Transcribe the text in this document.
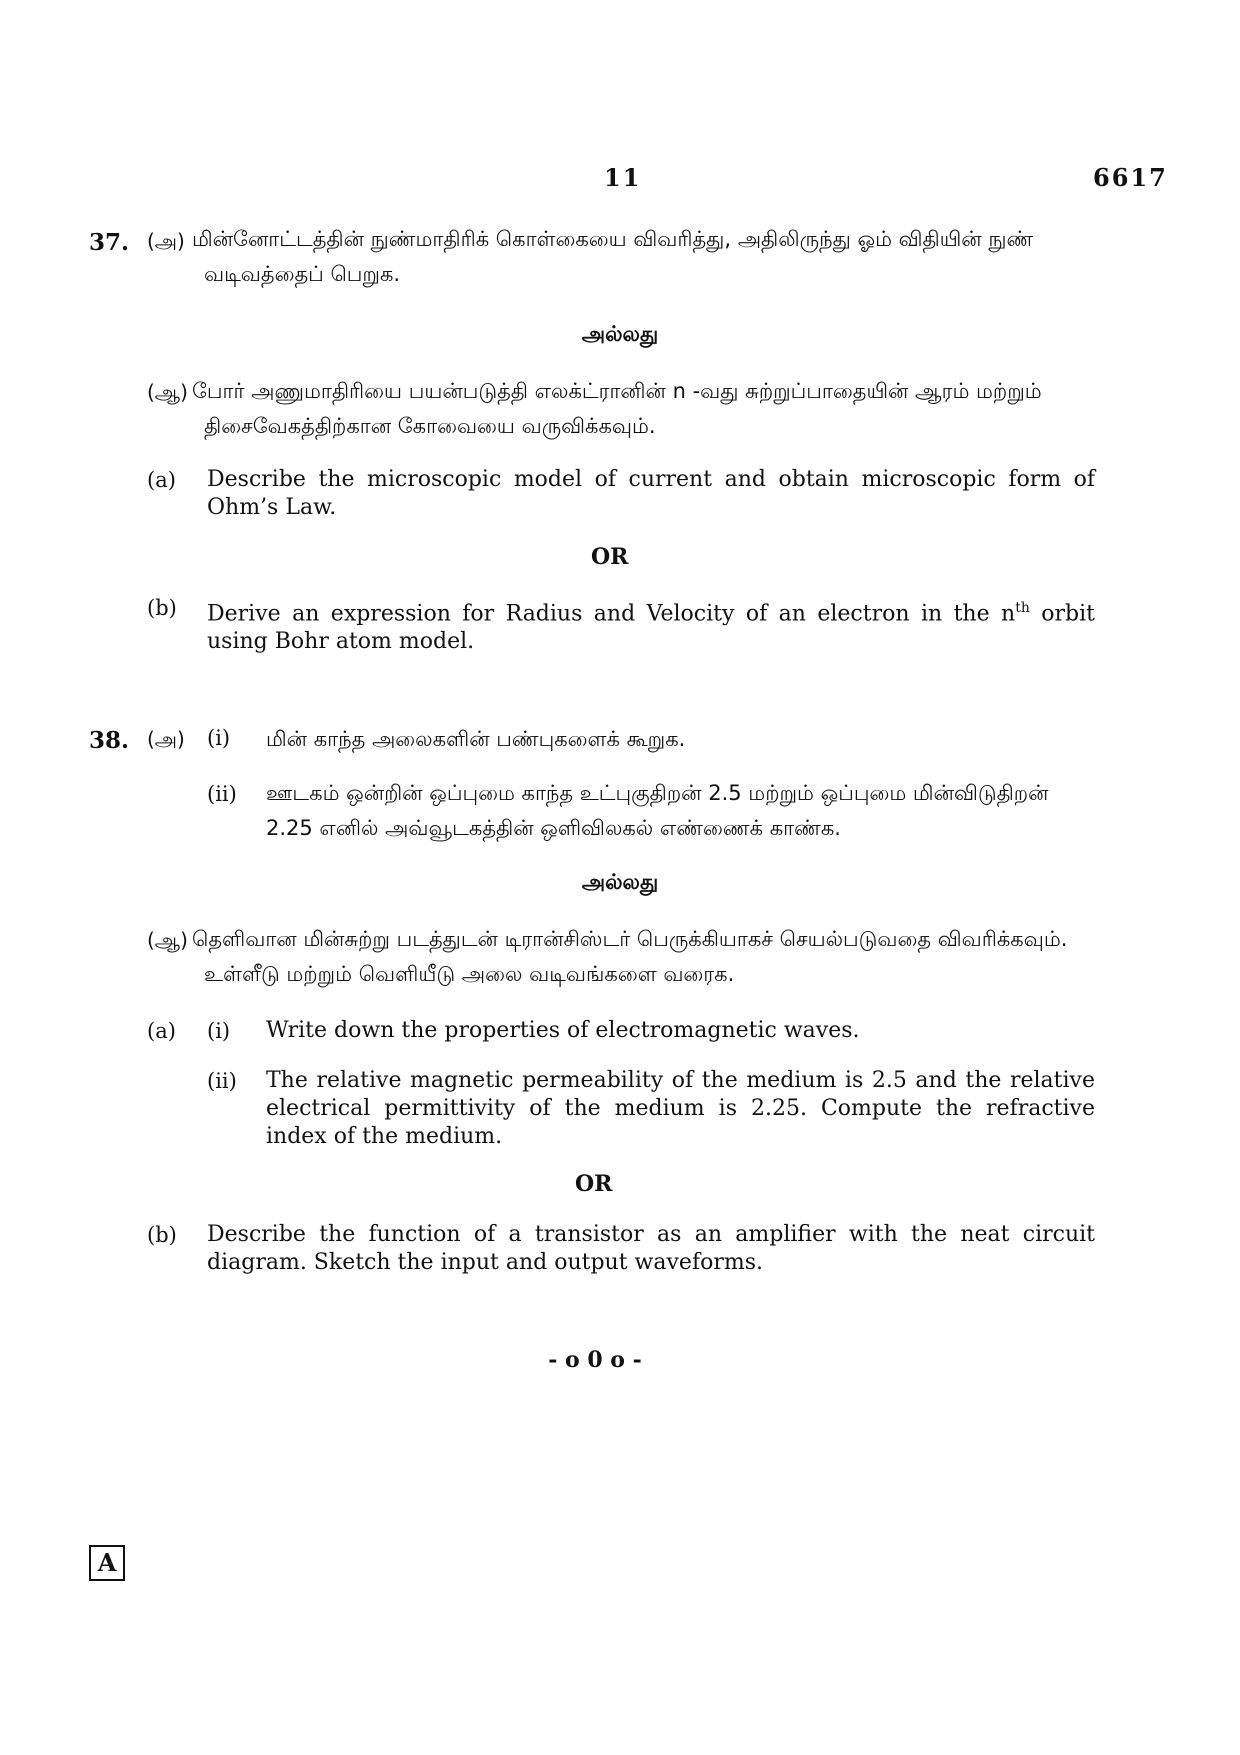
11	6617
37. (அ) மின்னோட்டத்தின் நுண்மாதிரிக் கொள்கையை விவரித்து, அதிலிருந்து ஓம் விதியின் நுண் வடிவத்தைப் பெறுக.
அல்லது
(ஆ) போர் அணுமாதிரியை பயன்படுத்தி எலக்ட்ரானின் n -வது சுற்றுப்பாதையின் ஆரம் மற்றும் திசைவேகத்திற்கான கோவையை வருவிக்கவும்.
(a) Describe the microscopic model of current and obtain microscopic form of Ohm’s Law.
OR
(b) Derive an expression for Radius and Velocity of an electron in the $n^{th}$ orbit using Bohr atom model.
38. (அ) (i) மின் காந்த அலைகளின் பண்புகளைக் கூறுக.
(ii) ஊடகம் ஒன்றின் ஒப்புமை காந்த உட்புகுதிறன் 2.5 மற்றும் ஒப்புமை மின்விடுதிறன் 2.25 எனில் அவ்வூடகத்தின் ஒளிவிலகல் எண்ணைக் காண்க.
அல்லது
(ஆ) தெளிவான மின்சுற்று படத்துடன் டிரான்சிஸ்டர் பெருக்கியாகச் செயல்படுவதை விவரிக்கவும். உள்ளீடு மற்றும் வெளியீடு அலை வடிவங்களை வரைக.
(a) (i) Write down the properties of electromagnetic waves.
(ii) The relative magnetic permeability of the medium is 2.5 and the relative electrical permittivity of the medium is 2.25. Compute the refractive index of the medium.
OR
(b) Describe the function of a transistor as an amplifier with the neat circuit diagram. Sketch the input and output waveforms.
- o 0 o -
A
